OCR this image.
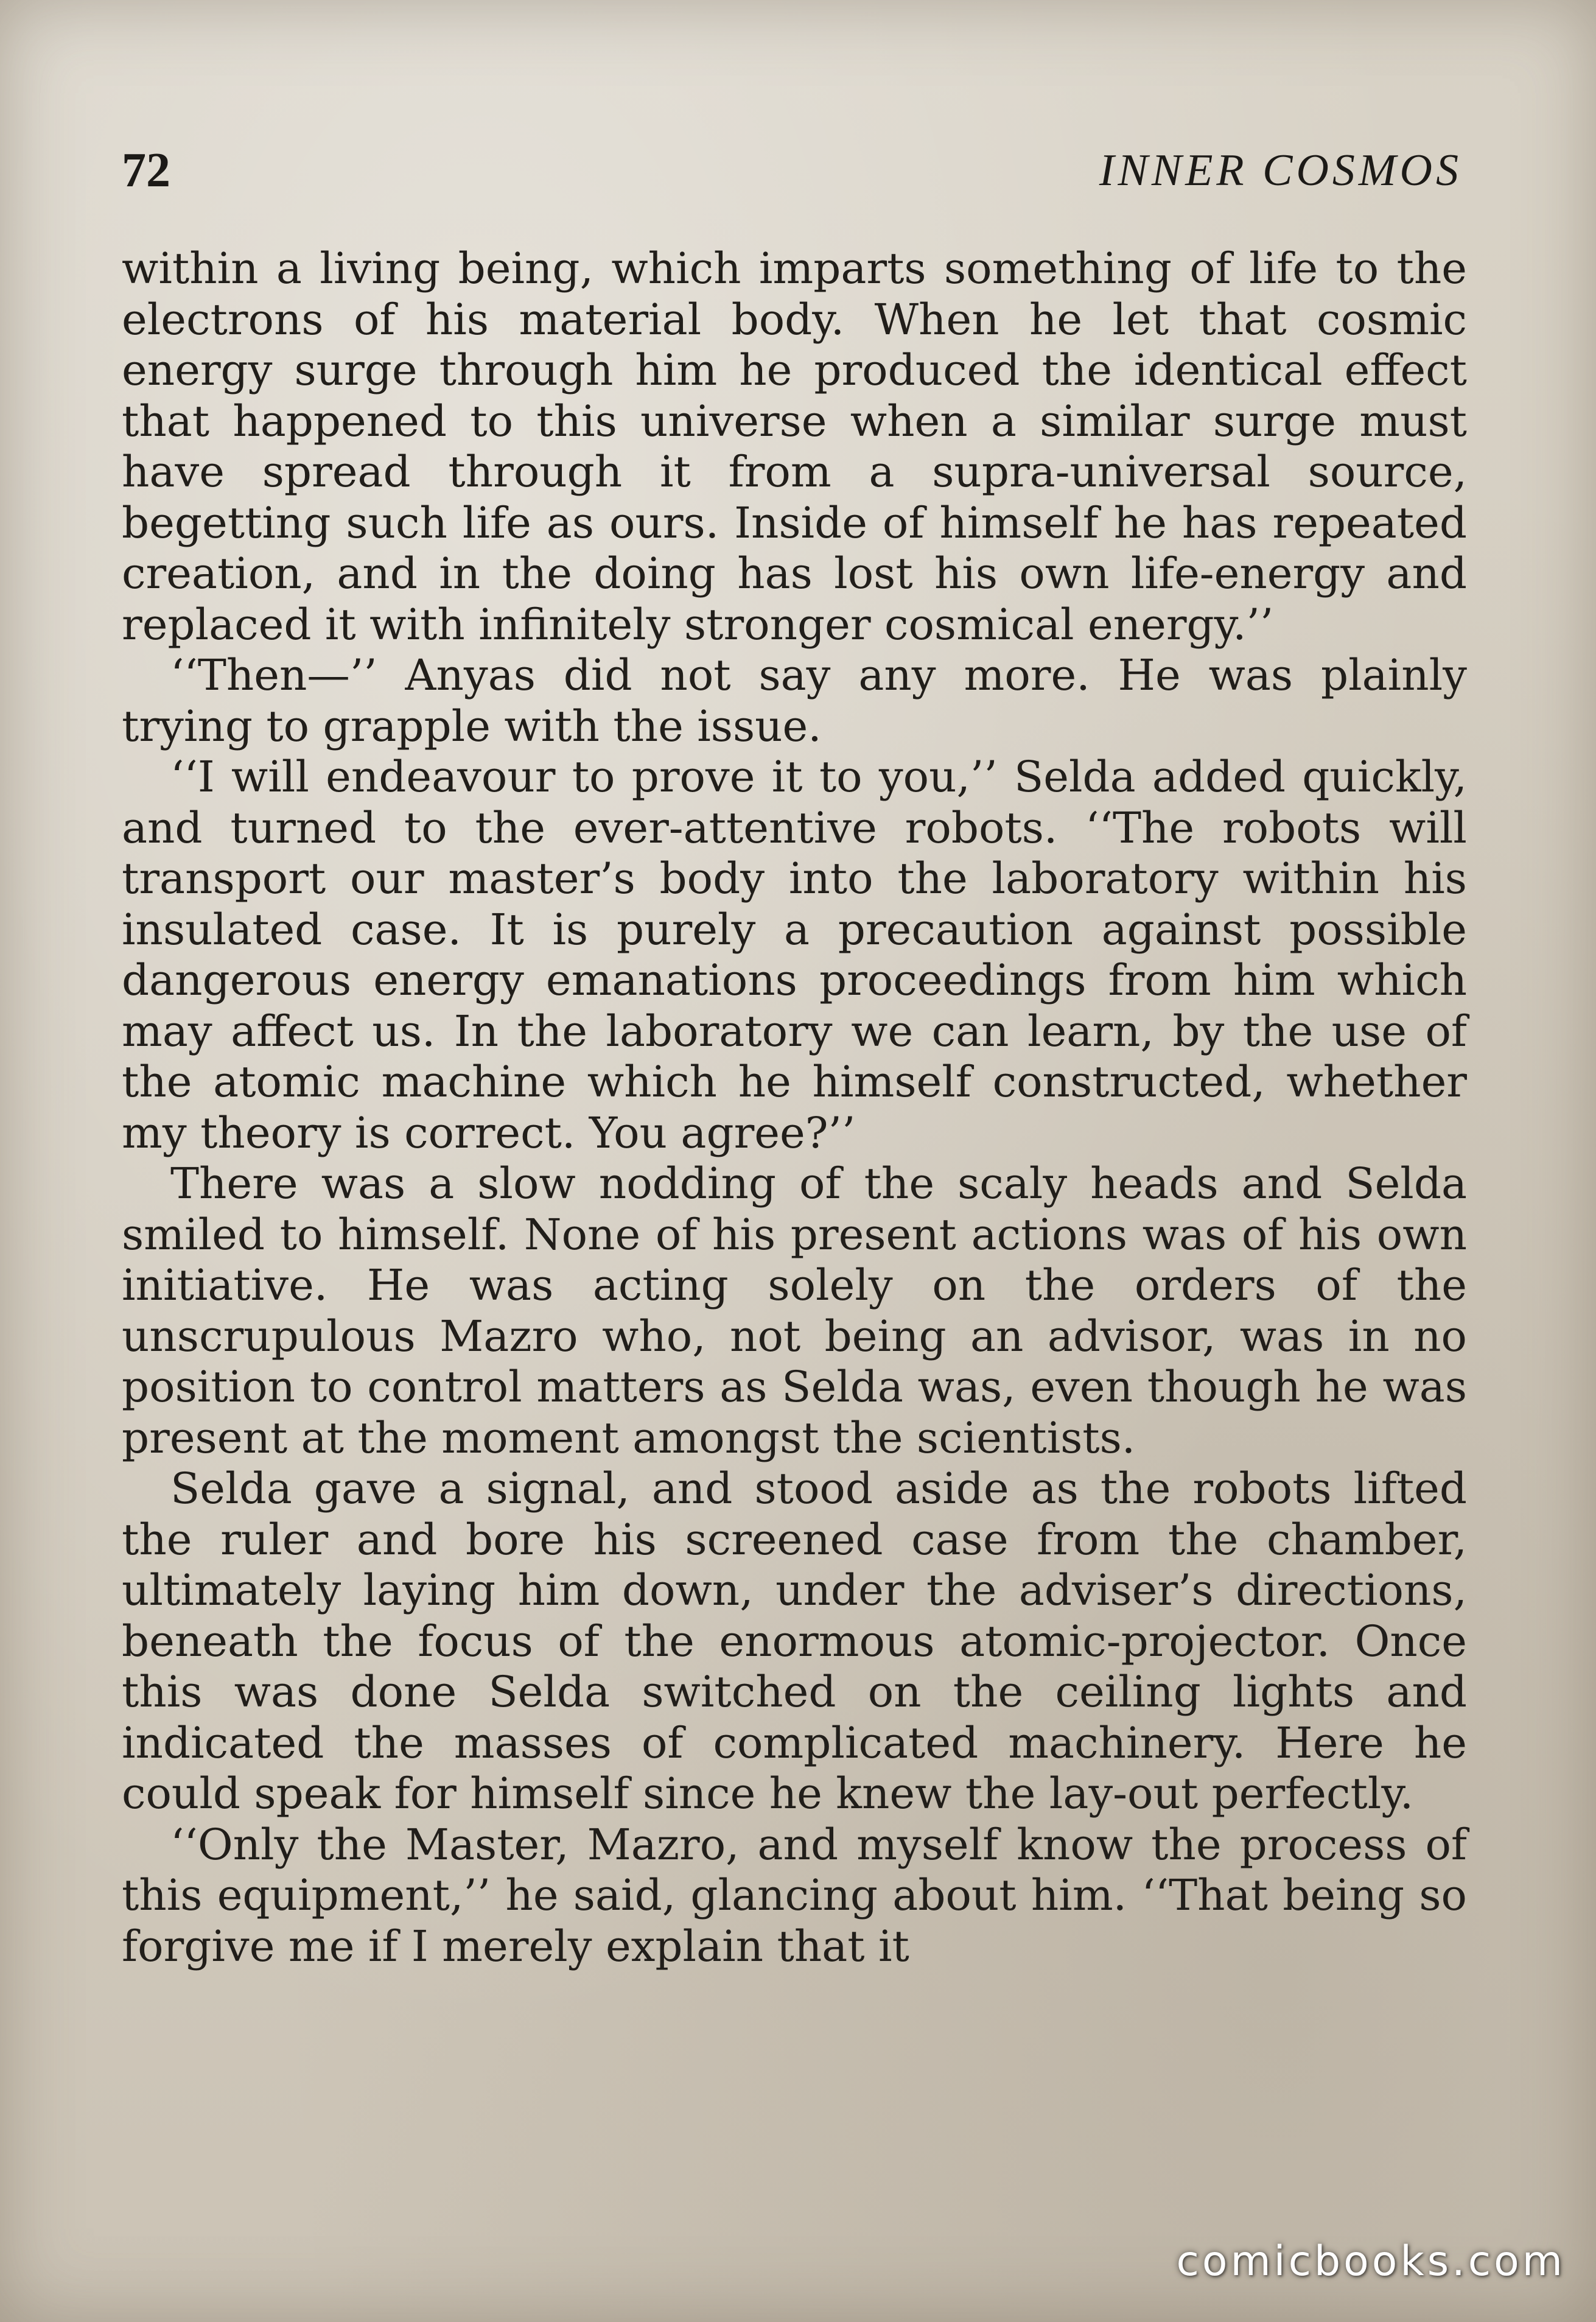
72	INNER COSMOS

within a living being, which imparts something of life to the electrons of his material body. When he let that cosmic energy surge through him he produced the identical effect that happened to this universe when a similar surge must have spread through it from a supra-universal source, begetting such life as ours. Inside of himself he has repeated creation, and in the doing has lost his own life-energy and replaced it with infinitely stronger cosmical energy.’’

‘‘Then—’’ Anyas did not say any more. He was plainly trying to grapple with the issue.

‘‘I will endeavour to prove it to you,’’ Selda added quickly, and turned to the ever-attentive robots. ‘‘The robots will transport our master’s body into the laboratory within his insulated case. It is purely a precaution against possible dangerous energy emanations proceedings from him which may affect us. In the laboratory we can learn, by the use of the atomic machine which he himself constructed, whether my theory is correct. You agree?’’

There was a slow nodding of the scaly heads and Selda smiled to himself. None of his present actions was of his own initiative. He was acting solely on the orders of the unscrupulous Mazro who, not being an advisor, was in no position to control matters as Selda was, even though he was present at the moment amongst the scientists.

Selda gave a signal, and stood aside as the robots lifted the ruler and bore his screened case from the chamber, ultimately laying him down, under the adviser’s directions, beneath the focus of the enormous atomic-projector. Once this was done Selda switched on the ceiling lights and indicated the masses of complicated machinery. Here he could speak for himself since he knew the lay-out perfectly.

‘‘Only the Master, Mazro, and myself know the process of this equipment,’’ he said, glancing about him. ‘‘That being so forgive me if I merely explain that it

comicbooks.com
